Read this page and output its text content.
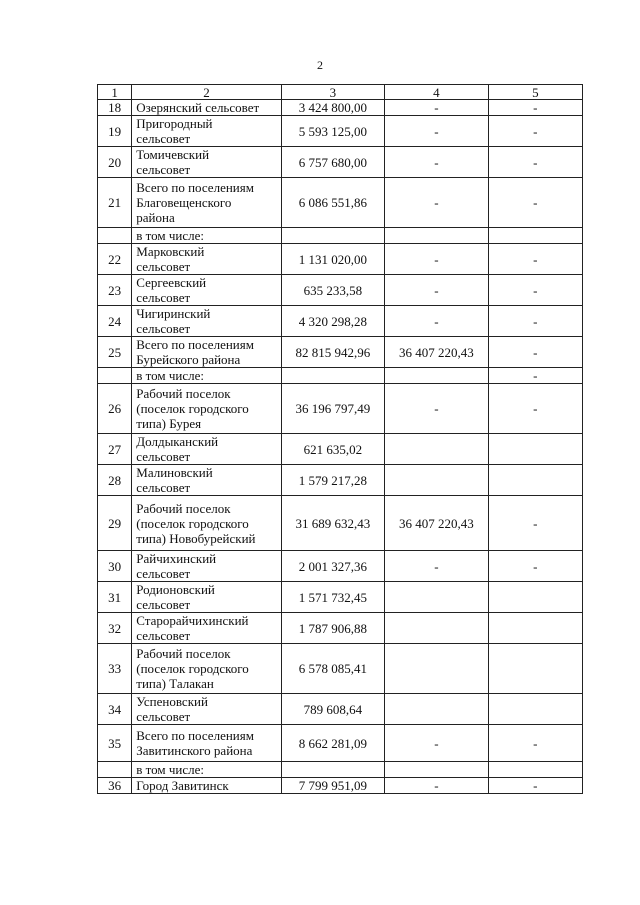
2
1	2	3	4	5
18	Озерянский сельсовет	3 424 800,00	-	-
19	Пригородный
сельсовет	5 593 125,00	-	-
20	Томичевский
сельсовет	6 757 680,00	-	-
21	Всего по поселениям
Благовещенского
района	6 086 551,86	-	-
	в том числе:			
22	Марковский
сельсовет	1 131 020,00	-	-
23	Сергеевский
сельсовет	635 233,58	-	-
24	Чигиринский
сельсовет	4 320 298,28	-	-
25	Всего по поселениям
Бурейского района	82 815 942,96	36 407 220,43	-
	в том числе:			-
26	Рабочий поселок
(поселок городского
типа) Бурея	36 196 797,49	-	-
27	Долдыканский
сельсовет	621 635,02		
28	Малиновский
сельсовет	1 579 217,28		
29	Рабочий поселок
(поселок городского
типа) Новобурейский	31 689 632,43	36 407 220,43	-
30	Райчихинский
сельсовет	2 001 327,36	-	-
31	Родионовский
сельсовет	1 571 732,45		
32	Старорайчихинский
сельсовет	1 787 906,88		
33	Рабочий поселок
(поселок городского
типа) Талакан	6 578 085,41		
34	Успеновский
сельсовет	789 608,64		
35	Всего по поселениям
Завитинского района	8 662 281,09	-	-
	в том числе:			
36	Город Завитинск	7 799 951,09	-	-
